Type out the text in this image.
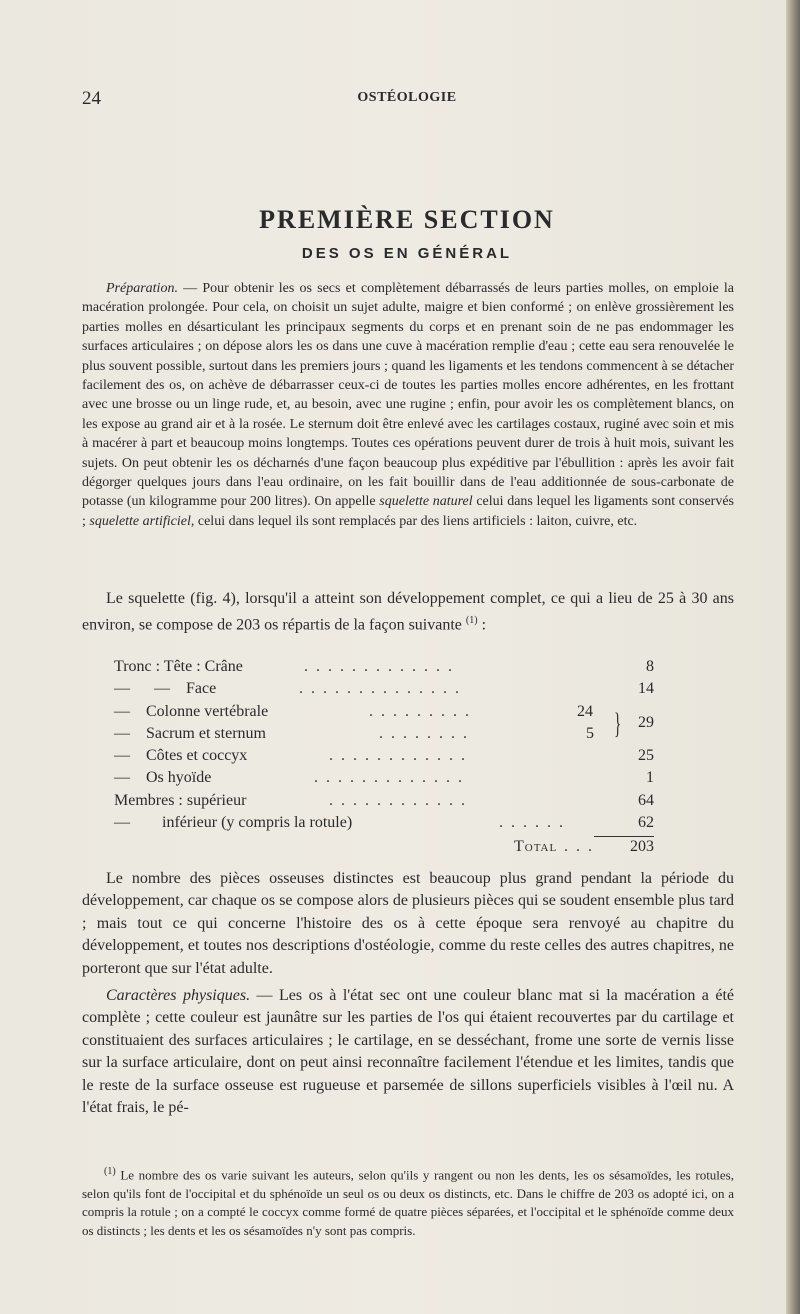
24	OSTÉOLOGIE
PREMIÈRE SECTION
DES OS EN GÉNÉRAL

Préparation. — Pour obtenir les os secs et complètement débarrassés de leurs parties molles, on emploie la macération prolongée. Pour cela, on choisit un sujet adulte, maigre et bien conformé ; on enlève grossièrement les parties molles en désarticulant les principaux segments du corps et en prenant soin de ne pas endommager les surfaces articulaires ; on dépose alors les os dans une cuve à macération remplie d'eau ; cette eau sera renouvelée le plus souvent possible, surtout dans les premiers jours ; quand les ligaments et les tendons commencent à se détacher facilement des os, on achève de débarrasser ceux-ci de toutes les parties molles encore adhérentes, en les frottant avec une brosse ou un linge rude, et, au besoin, avec une rugine ; enfin, pour avoir les os complètement blancs, on les expose au grand air et à la rosée. Le sternum doit être enlevé avec les cartilages costaux, ruginé avec soin et mis à macérer à part et beaucoup moins longtemps. Toutes ces opérations peuvent durer de trois à huit mois, suivant les sujets. On peut obtenir les os décharnés d'une façon beaucoup plus expéditive par l'ébullition : après les avoir fait dégorger quelques jours dans l'eau ordinaire, on les fait bouillir dans de l'eau additionnée de sous-carbonate de potasse (un kilogramme pour 200 litres). On appelle squelette naturel celui dans lequel les ligaments sont conservés ; squelette artificiel, celui dans lequel ils sont remplacés par des liens artificiels : laiton, cuivre, etc.

Le squelette (fig. 4), lorsqu'il a atteint son développement complet, ce qui a lieu de 25 à 30 ans environ, se compose de 203 os répartis de la façon suivante $^{(1)}$ :

Tronc : Tête : Crâne	. . . . . . . . . . . . .	8
—      —    Face	. . . . . . . . . . . . . .	14
—    Colonne vertébrale	. . . . . . . . .	24
—    Sacrum et sternum	. . . . . . . .	5 }	29
—    Côtes et coccyx	. . . . . . . . . . . .	25
—    Os hyoïde	. . . . . . . . . . . . .	1
Membres : supérieur	. . . . . . . . . . . .	64
—        inférieur (y compris la rotule)	. . . . . .	62
Total . . .	203

Le nombre des pièces osseuses distinctes est beaucoup plus grand pendant la période du développement, car chaque os se compose alors de plusieurs pièces qui se soudent ensemble plus tard ; mais tout ce qui concerne l'histoire des os à cette époque sera renvoyé au chapitre du développement, et toutes nos descriptions d'ostéologie, comme du reste celles des autres chapitres, ne porteront que sur l'état adulte.

Caractères physiques. — Les os à l'état sec ont une couleur blanc mat si la macération a été complète ; cette couleur est jaunâtre sur les parties de l'os qui étaient recouvertes par du cartilage et constituaient des surfaces articulaires ; le cartilage, en se desséchant, frome une sorte de vernis lisse sur la surface articulaire, dont on peut ainsi reconnaître facilement l'étendue et les limites, tandis que le reste de la surface osseuse est rugueuse et parsemée de sillons superficiels visibles à l'œil nu. A l'état frais, le pé-

$^{(1)}$ Le nombre des os varie suivant les auteurs, selon qu'ils y rangent ou non les dents, les os sésamoïdes, les rotules, selon qu'ils font de l'occipital et du sphénoïde un seul os ou deux os distincts, etc. Dans le chiffre de 203 os adopté ici, on a compris la rotule ; on a compté le coccyx comme formé de quatre pièces séparées, et l'occipital et le sphénoïde comme deux os distincts ; les dents et les os sésamoïdes n'y sont pas compris.
